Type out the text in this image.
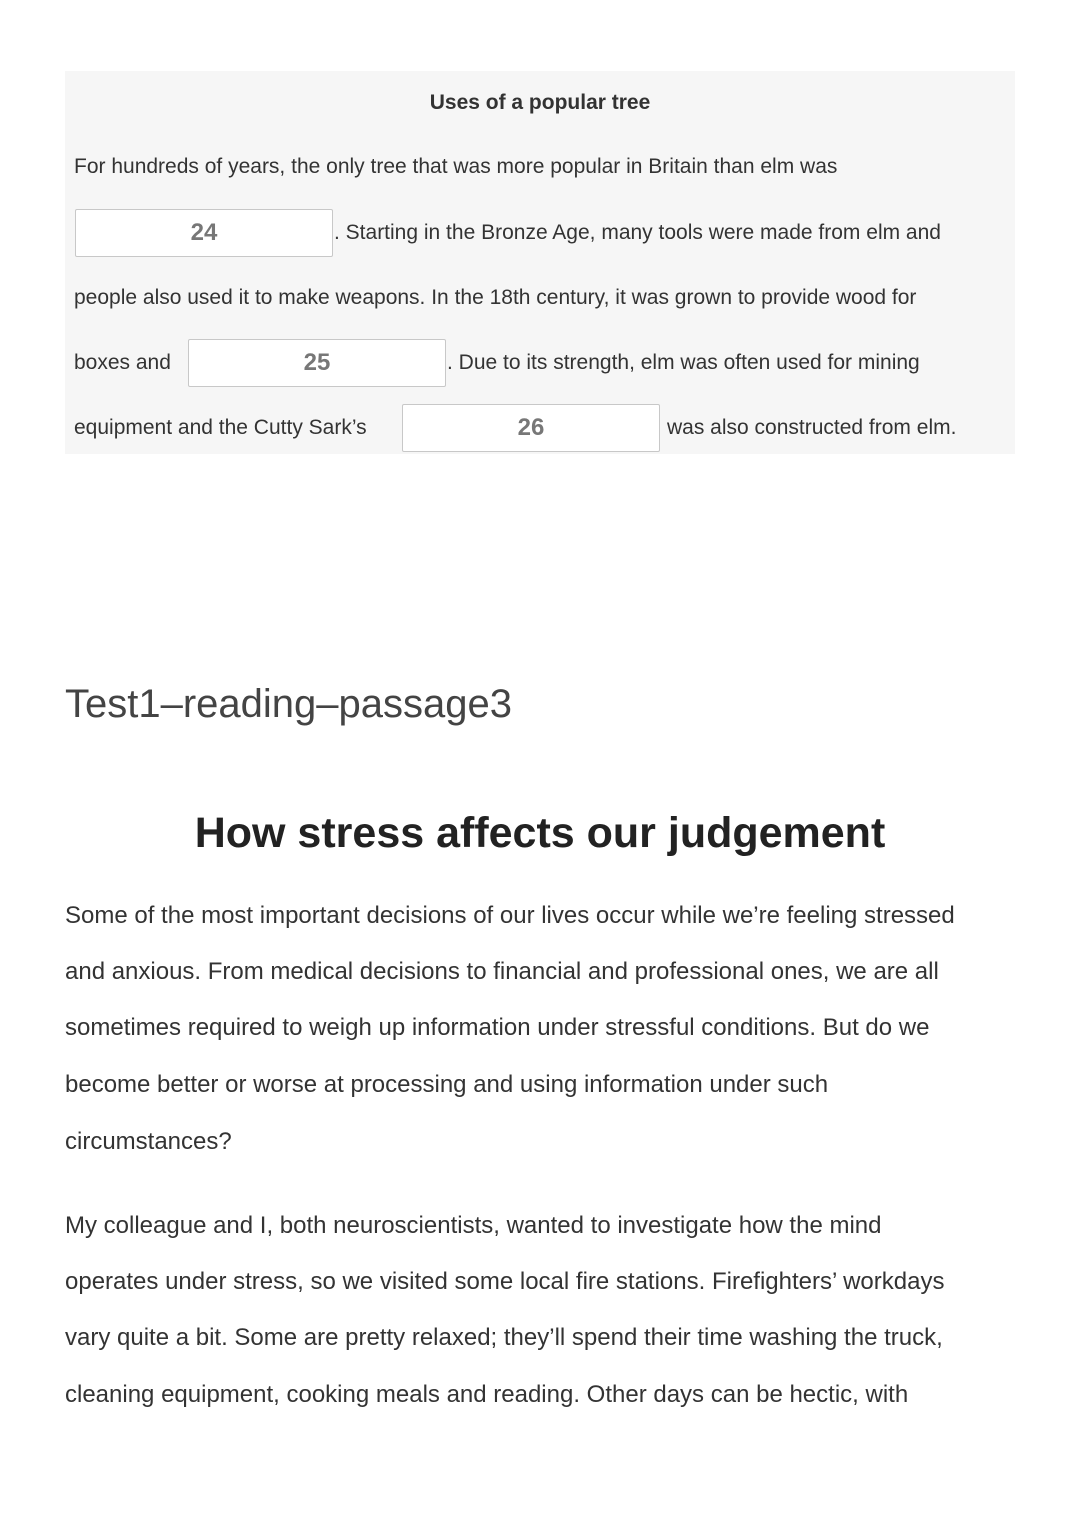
Uses of a popular tree
For hundreds of years, the only tree that was more popular in Britain than elm was
24	. Starting in the Bronze Age, many tools were made from elm and
people also used it to make weapons. In the 18th century, it was grown to provide wood for
boxes and	25	. Due to its strength, elm was often used for mining
equipment and the Cutty Sark’s	26	was also constructed from elm.
Test1–reading–passage3
How stress affects our judgement
Some of the most important decisions of our lives occur while we’re feeling stressed
and anxious. From medical decisions to financial and professional ones, we are all
sometimes required to weigh up information under stressful conditions. But do we
become better or worse at processing and using information under such
circumstances?
My colleague and I, both neuroscientists, wanted to investigate how the mind
operates under stress, so we visited some local fire stations. Firefighters’ workdays
vary quite a bit. Some are pretty relaxed; they’ll spend their time washing the truck,
cleaning equipment, cooking meals and reading. Other days can be hectic, with
